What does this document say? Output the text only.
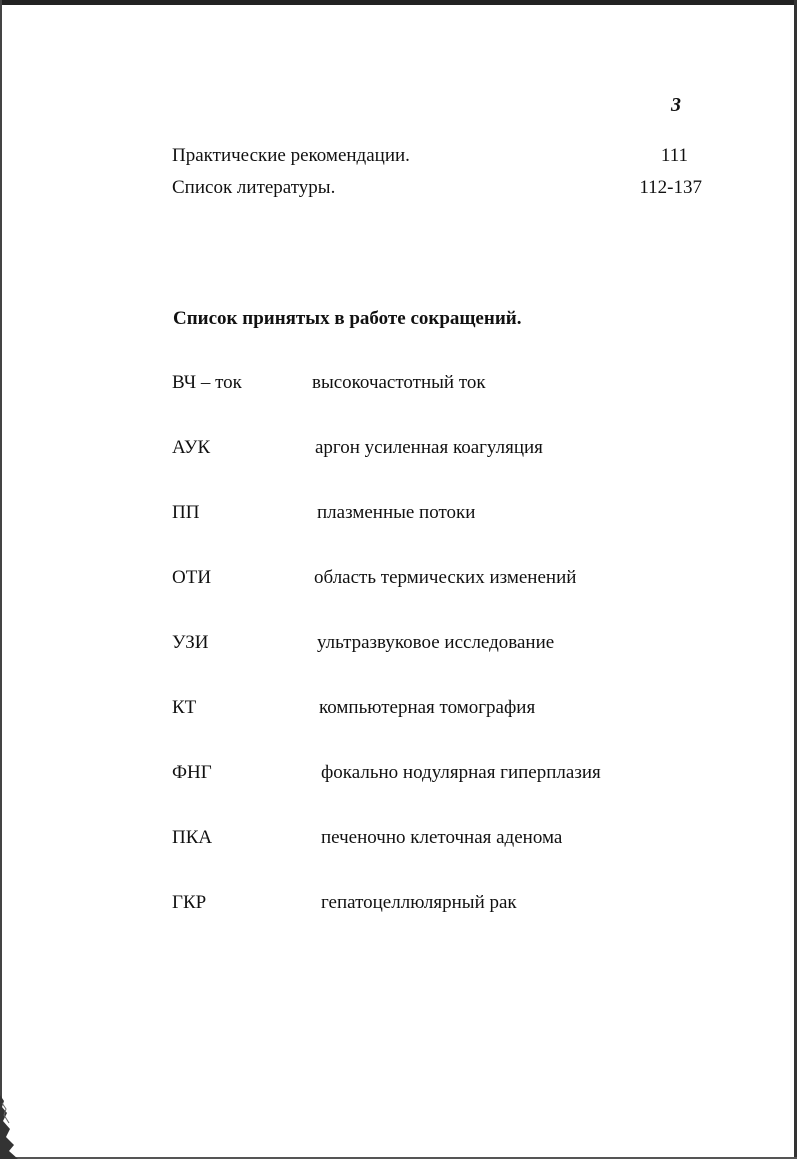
3
Практи‌ческие рекомендации.	111
Список литературы.	112-137
Список принятых в работе сокращений.
ВЧ – ток	высокочастотный ток
АУК	аргон усиленная коагуляция
ПП	плазменные потоки
ОТИ	область термических изменений
УЗИ	ультразвуковое исследование
КТ	компьютерная томография
ФНГ	фокально нодулярная гиперплазия
ПКА	печеночно клеточная аденома
ГКР	гепатоцеллюлярный рак
